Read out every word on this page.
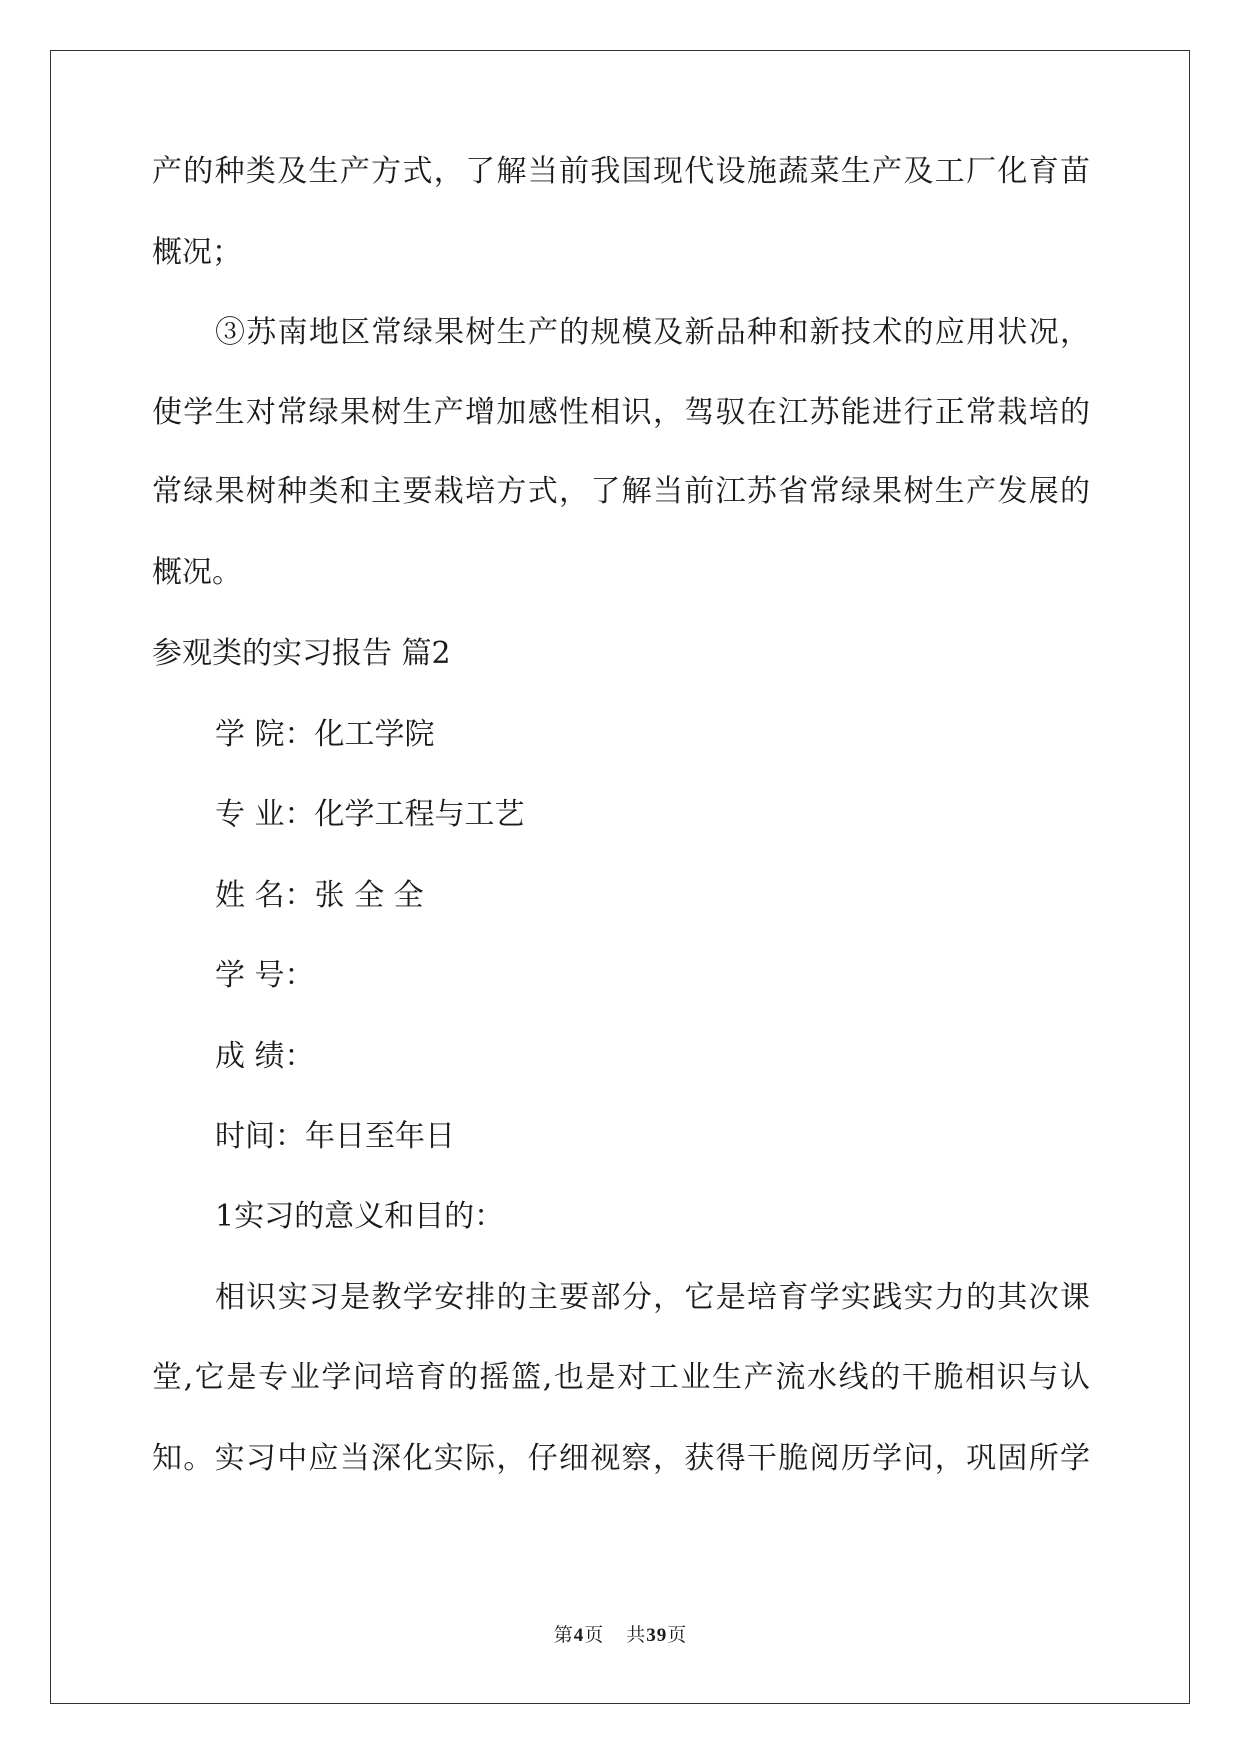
产的种类及生产方式，了解当前我国现代设施蔬菜生产及工厂化育苗

概况；

③苏南地区常绿果树生产的规模及新品种和新技术的应用状况，

使学生对常绿果树生产增加感性相识，驾驭在江苏能进行正常栽培的

常绿果树种类和主要栽培方式，了解当前江苏省常绿果树生产发展的

概况。

参观类的实习报告 篇2

学 院：化工学院

专 业：化学工程与工艺

姓 名：张 全 全

学 号：

成 绩：

时间：年日至年日

1实习的意义和目的：

相识实习是教学安排的主要部分，它是培育学实践实力的其次课

堂,它是专业学问培育的摇篮,也是对工业生产流水线的干脆相识与认

知。实习中应当深化实际，仔细视察，获得干脆阅历学问，巩固所学

第4页 共39页
